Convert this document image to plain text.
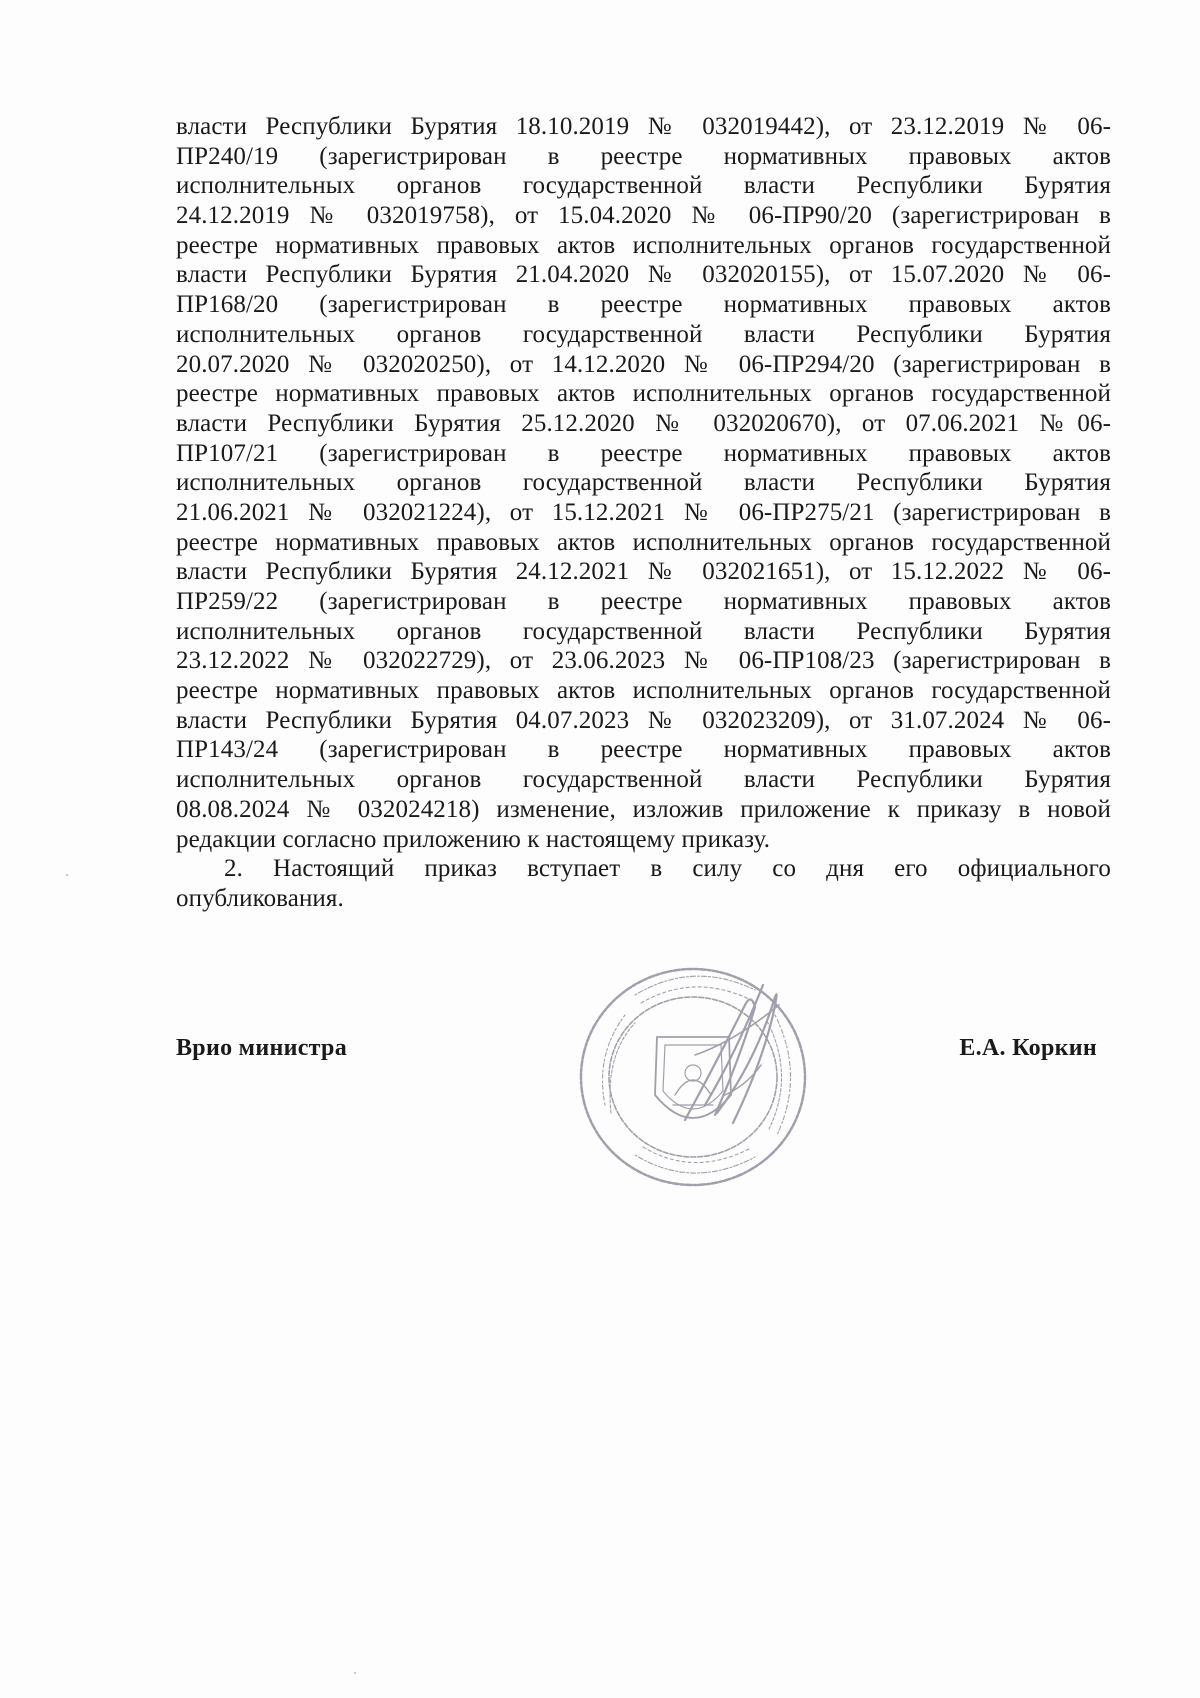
власти Республики Бурятия 18.10.2019 № 032019442), от 23.12.2019 № 06-
ПР240/19 (зарегистрирован в реестре нормативных правовых актов
исполнительных органов государственной власти Республики Бурятия
24.12.2019 № 032019758), от 15.04.2020 № 06-ПР90/20 (зарегистрирован в
реестре нормативных правовых актов исполнительных органов государственной
власти Республики Бурятия 21.04.2020 № 032020155), от 15.07.2020 № 06-
ПР168/20 (зарегистрирован в реестре нормативных правовых актов
исполнительных органов государственной власти Республики Бурятия
20.07.2020 № 032020250), от 14.12.2020 № 06-ПР294/20 (зарегистрирован в
реестре нормативных правовых актов исполнительных органов государственной
власти Республики Бурятия 25.12.2020 № 032020670), от 07.06.2021 №06-
ПР107/21 (зарегистрирован в реестре нормативных правовых актов
исполнительных органов государственной власти Республики Бурятия
21.06.2021 № 032021224), от 15.12.2021 № 06-ПР275/21 (зарегистрирован в
реестре нормативных правовых актов исполнительных органов государственной
власти Республики Бурятия 24.12.2021 № 032021651), от 15.12.2022 № 06-
ПР259/22 (зарегистрирован в реестре нормативных правовых актов
исполнительных органов государственной власти Республики Бурятия
23.12.2022 № 032022729), от 23.06.2023 № 06-ПР108/23 (зарегистрирован в
реестре нормативных правовых актов исполнительных органов государственной
власти Республики Бурятия 04.07.2023 № 032023209), от 31.07.2024 № 06-
ПР143/24 (зарегистрирован в реестре нормативных правовых актов
исполнительных органов государственной власти Республики Бурятия
08.08.2024 № 032024218) изменение, изложив приложение к приказу в новой
редакции согласно приложению к настоящему приказу.
2. Настоящий приказ вступает в силу со дня его официального
опубликования.
Врио министра	Е.А. Коркин
